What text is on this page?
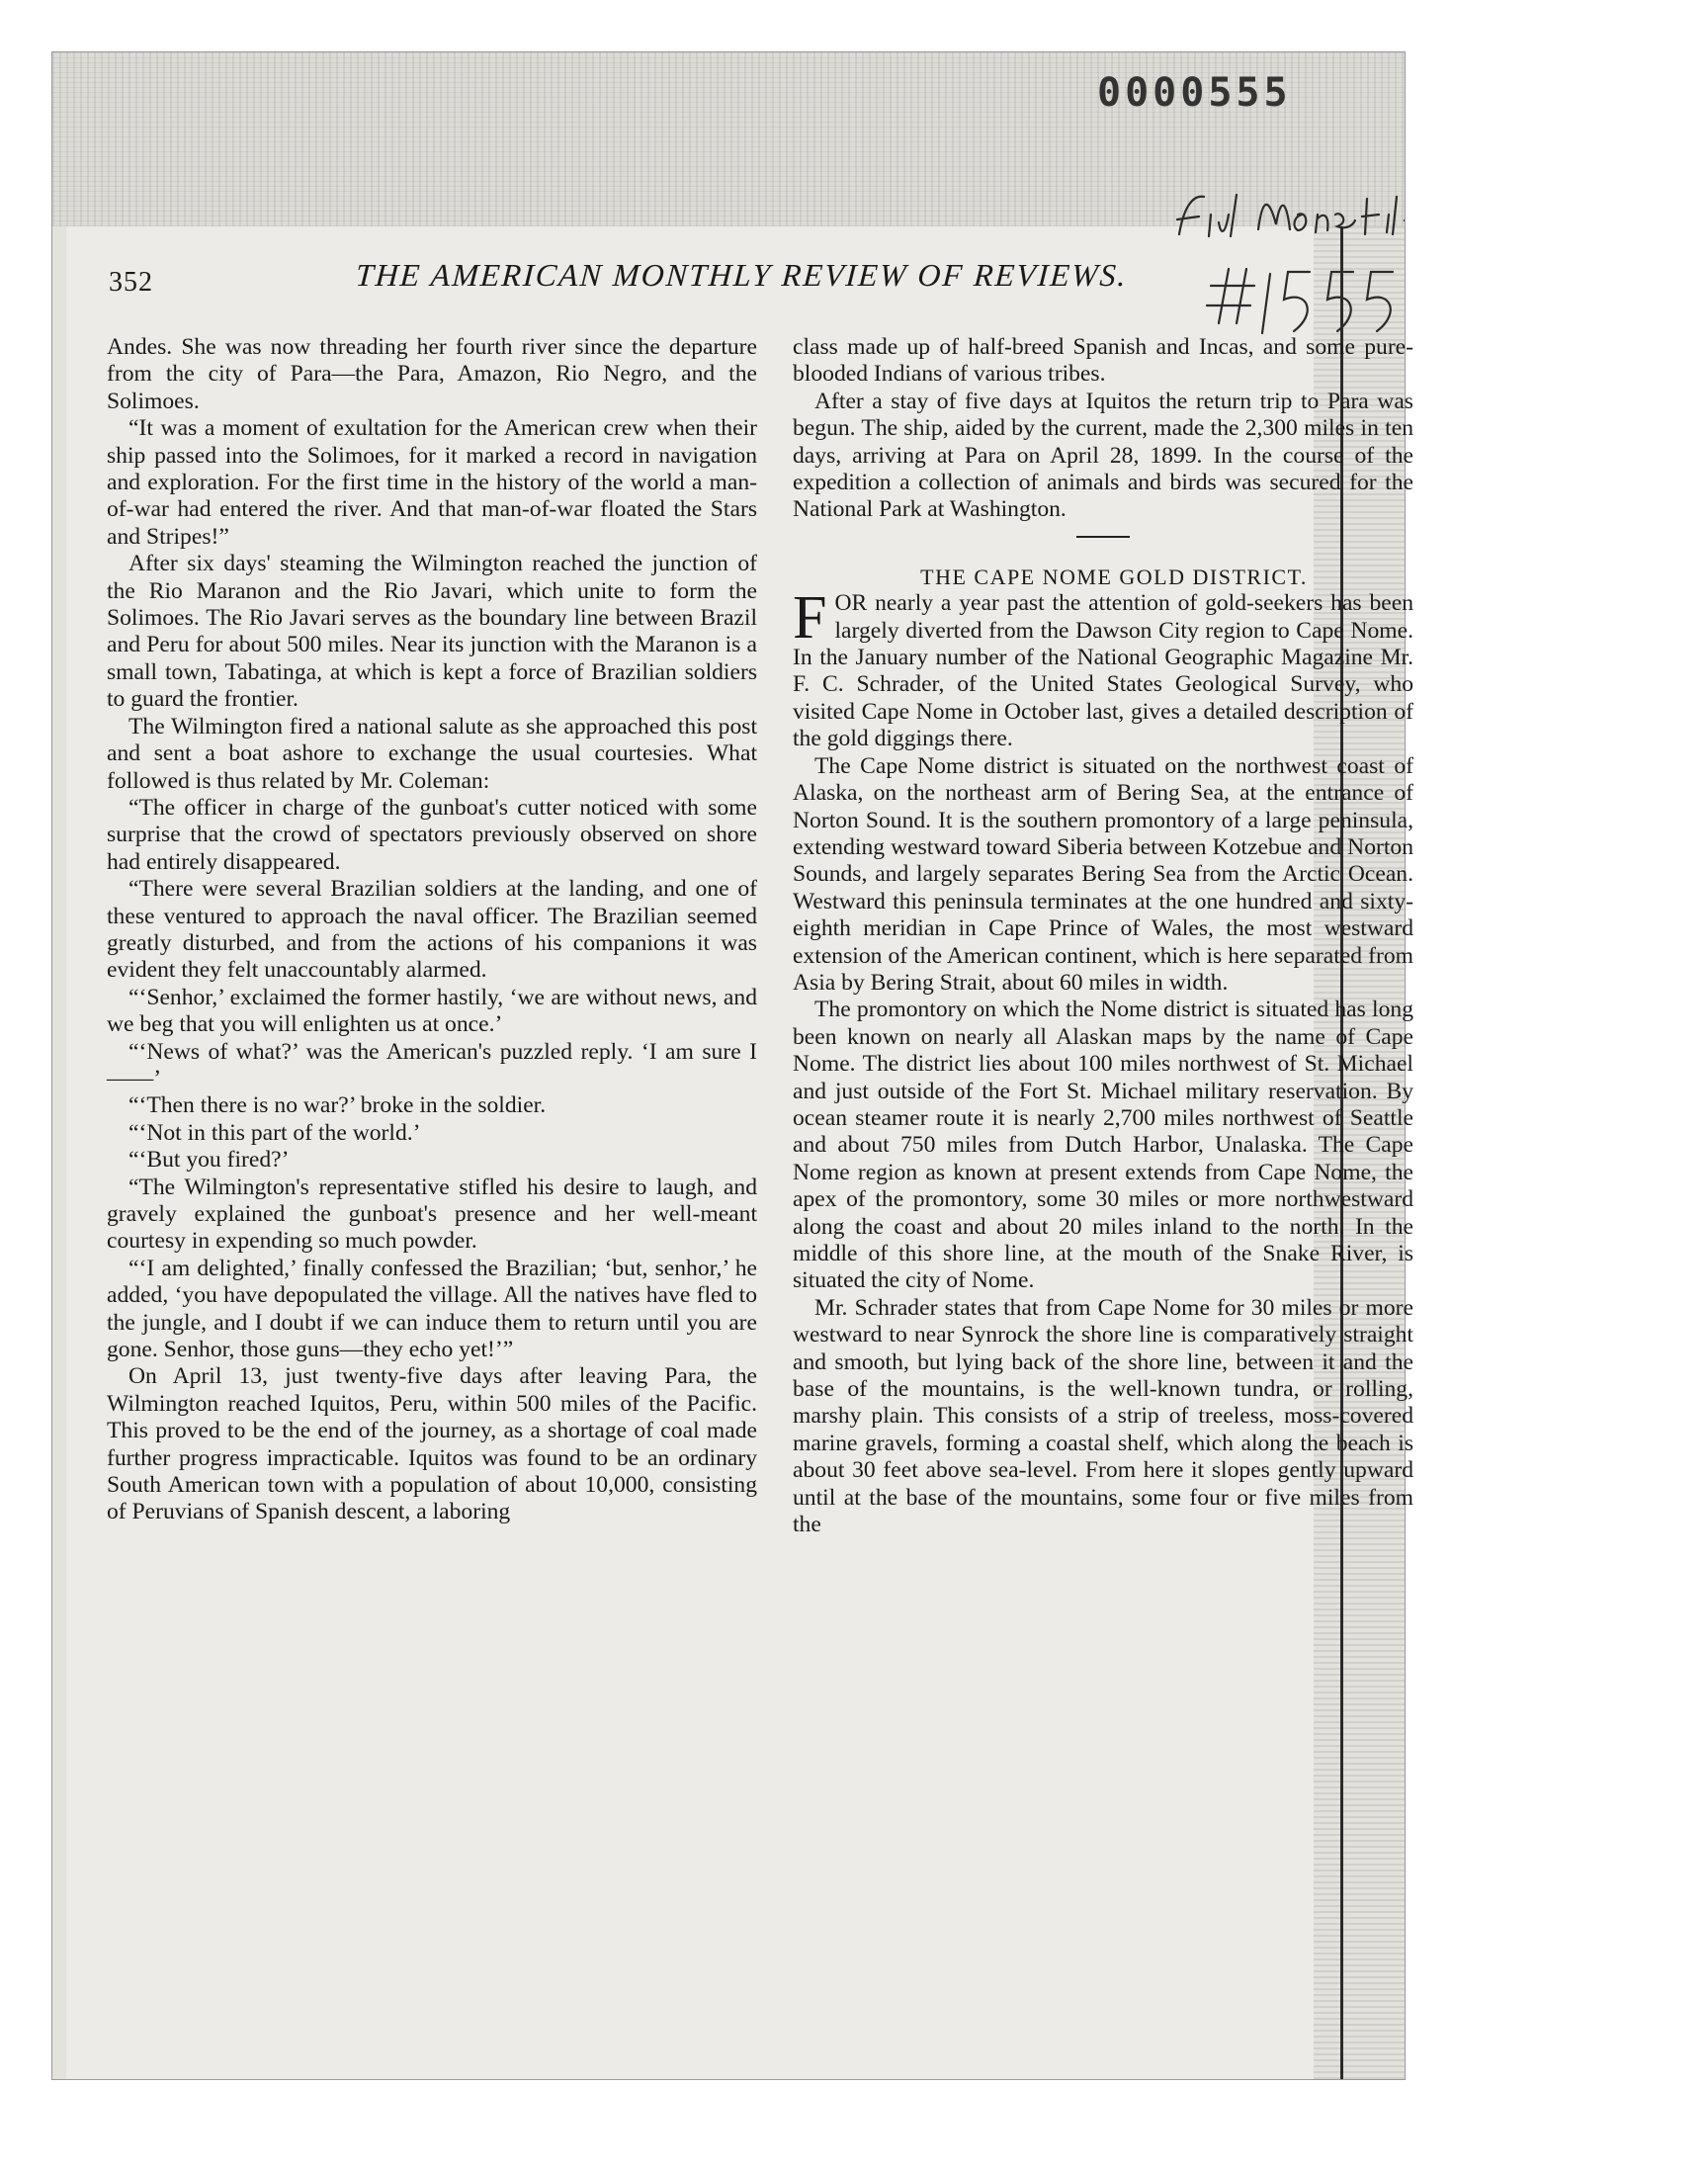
0000555
352	THE AMERICAN MONTHLY REVIEW OF REVIEWS.

Andes. She was now threading her fourth river since the departure from the city of Para—the Para, Amazon, Rio Negro, and the Solimoes.

“It was a moment of exultation for the American crew when their ship passed into the Solimoes, for it marked a record in navigation and exploration. For the first time in the history of the world a man-of-war had entered the river. And that man-of-war floated the Stars and Stripes!”

After six days' steaming the Wilmington reached the junction of the Rio Maranon and the Rio Javari, which unite to form the Solimoes. The Rio Javari serves as the boundary line between Brazil and Peru for about 500 miles. Near its junction with the Maranon is a small town, Tabatinga, at which is kept a force of Brazilian soldiers to guard the frontier.

The Wilmington fired a national salute as she approached this post and sent a boat ashore to exchange the usual courtesies. What followed is thus related by Mr. Coleman:

“The officer in charge of the gunboat's cutter noticed with some surprise that the crowd of spectators previously observed on shore had entirely disappeared.

“There were several Brazilian soldiers at the landing, and one of these ventured to approach the naval officer. The Brazilian seemed greatly disturbed, and from the actions of his companions it was evident they felt unaccountably alarmed.

“‘Senhor,’ exclaimed the former hastily, ‘we are without news, and we beg that you will enlighten us at once.’

“‘News of what?’ was the American's puzzled reply. ‘I am sure I——’

“‘Then there is no war?’ broke in the soldier.

“‘Not in this part of the world.’

“‘But you fired?’

“The Wilmington's representative stifled his desire to laugh, and gravely explained the gunboat's presence and her well-meant courtesy in expending so much powder.

“‘I am delighted,’ finally confessed the Brazilian; ‘but, senhor,’ he added, ‘you have depopulated the village. All the natives have fled to the jungle, and I doubt if we can induce them to return until you are gone. Senhor, those guns—they echo yet!’”

On April 13, just twenty-five days after leaving Para, the Wilmington reached Iquitos, Peru, within 500 miles of the Pacific. This proved to be the end of the journey, as a shortage of coal made further progress impracticable. Iquitos was found to be an ordinary South American town with a population of about 10,000, consisting of Peruvians of Spanish descent, a laboring

class made up of half-breed Spanish and Incas, and some pure-blooded Indians of various tribes.

After a stay of five days at Iquitos the return trip to Para was begun. The ship, aided by the current, made the 2,300 miles in ten days, arriving at Para on April 28, 1899. In the course of the expedition a collection of animals and birds was secured for the National Park at Washington.

THE CAPE NOME GOLD DISTRICT.

FOR nearly a year past the attention of gold-seekers has been largely diverted from the Dawson City region to Cape Nome. In the January number of the National Geographic Magazine Mr. F. C. Schrader, of the United States Geological Survey, who visited Cape Nome in October last, gives a detailed description of the gold diggings there.

The Cape Nome district is situated on the northwest coast of Alaska, on the northeast arm of Bering Sea, at the entrance of Norton Sound. It is the southern promontory of a large peninsula, extending westward toward Siberia between Kotzebue and Norton Sounds, and largely separates Bering Sea from the Arctic Ocean. Westward this peninsula terminates at the one hundred and sixty-eighth meridian in Cape Prince of Wales, the most westward extension of the American continent, which is here separated from Asia by Bering Strait, about 60 miles in width.

The promontory on which the Nome district is situated has long been known on nearly all Alaskan maps by the name of Cape Nome. The district lies about 100 miles northwest of St. Michael and just outside of the Fort St. Michael military reservation. By ocean steamer route it is nearly 2,700 miles northwest of Seattle and about 750 miles from Dutch Harbor, Unalaska. The Cape Nome region as known at present extends from Cape Nome, the apex of the promontory, some 30 miles or more northwestward along the coast and about 20 miles inland to the north. In the middle of this shore line, at the mouth of the Snake River, is situated the city of Nome.

Mr. Schrader states that from Cape Nome for 30 miles or more westward to near Synrock the shore line is comparatively straight and smooth, but lying back of the shore line, between it and the base of the mountains, is the well-known tundra, or rolling, marshy plain. This consists of a strip of treeless, moss-covered marine gravels, forming a coastal shelf, which along the beach is about 30 feet above sea-level. From here it slopes gently upward until at the base of the mountains, some four or five miles from the
